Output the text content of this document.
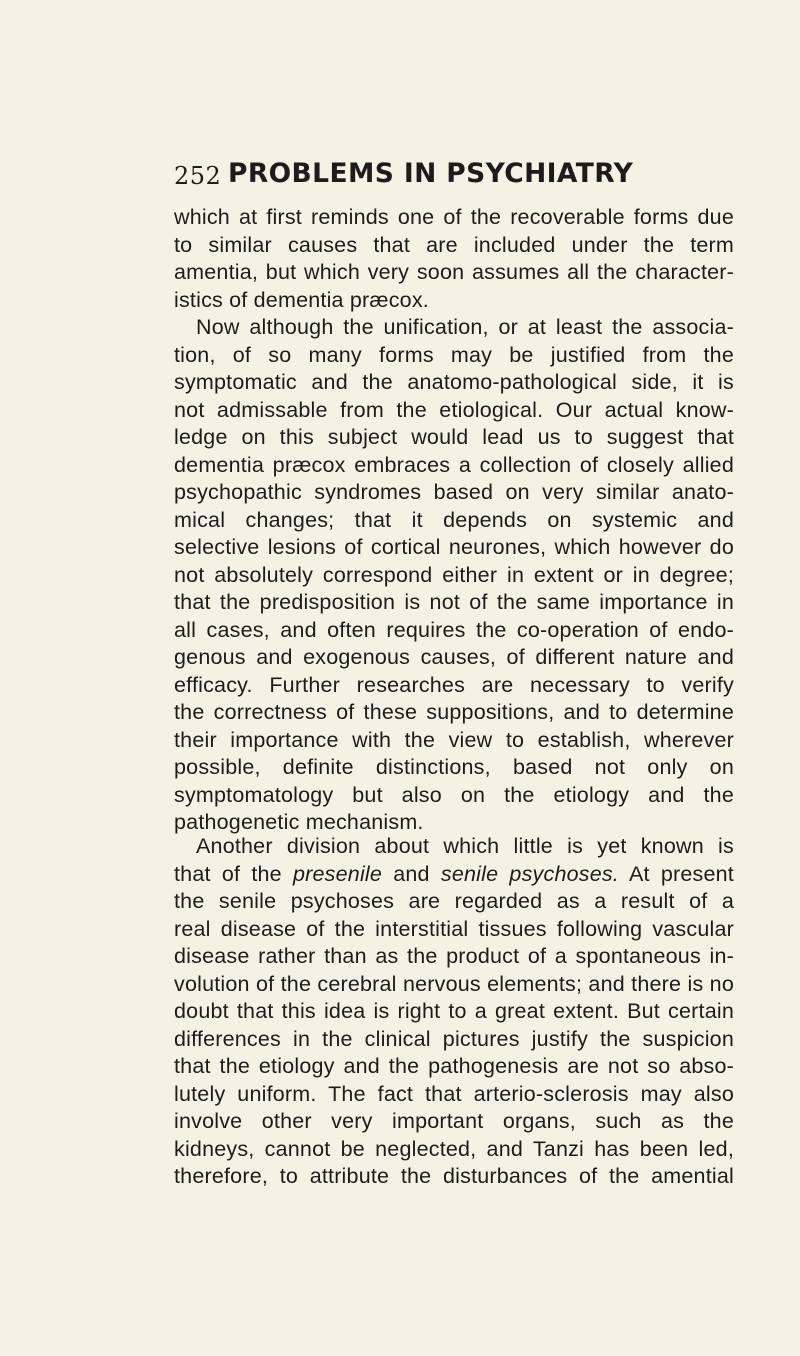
252 PROBLEMS IN PSYCHIATRY
which at first reminds one of the recoverable forms due
to similar causes that are included under the term
amentia, but which very soon assumes all the character-
istics of dementia præcox.
Now although the unification, or at least the associa-
tion, of so many forms may be justified from the
symptomatic and the anatomo-pathological side, it is
not admissable from the etiological. Our actual know-
ledge on this subject would lead us to suggest that
dementia præcox embraces a collection of closely allied
psychopathic syndromes based on very similar anato-
mical changes; that it depends on systemic and
selective lesions of cortical neurones, which however do
not absolutely correspond either in extent or in degree;
that the predisposition is not of the same importance in
all cases, and often requires the co-operation of endo-
genous and exogenous causes, of different nature and
efficacy. Further researches are necessary to verify
the correctness of these suppositions, and to determine
their importance with the view to establish, wherever
possible, definite distinctions, based not only on
symptomatology but also on the etiology and the
pathogenetic mechanism.
Another division about which little is yet known is
that of the presenile and senile psychoses. At present
the senile psychoses are regarded as a result of a
real disease of the interstitial tissues following vascular
disease rather than as the product of a spontaneous in-
volution of the cerebral nervous elements; and there is no
doubt that this idea is right to a great extent. But certain
differences in the clinical pictures justify the suspicion
that the etiology and the pathogenesis are not so abso-
lutely uniform. The fact that arterio-sclerosis may also
involve other very important organs, such as the
kidneys, cannot be neglected, and Tanzi has been led,
therefore, to attribute the disturbances of the amential
